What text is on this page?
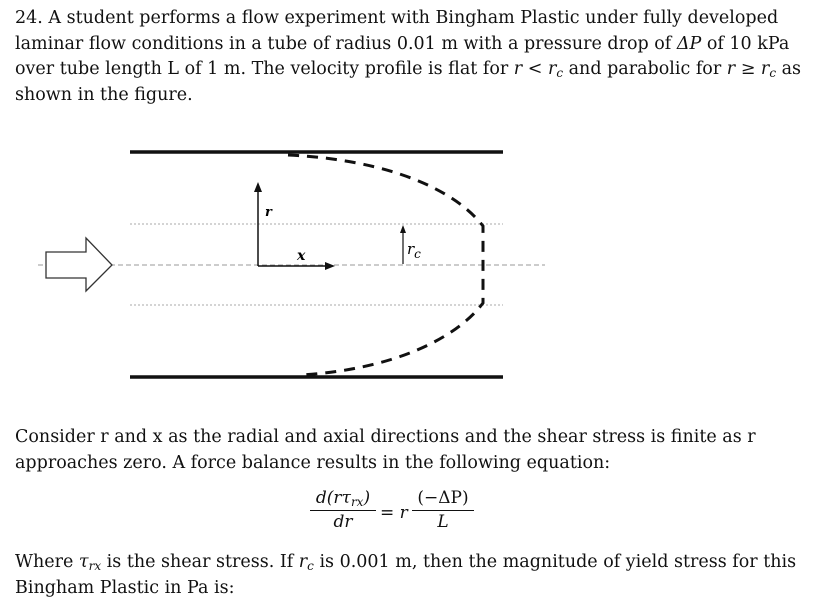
24. A student performs a flow experiment with Bingham Plastic under fully developed laminar flow conditions in a tube of radius 0.01 m with a pressure drop of ΔP of 10 kPa over tube length L of 1 m. The velocity profile is flat for $r < r_c$ and parabolic for $r \ge r_c$ as shown in the figure.

r
x	$r_c$

Consider r and x as the radial and axial directions and the shear stress is finite as r approaches zero. A force balance results in the following equation:

$d(r\tau_{rx})$
dr	= r
(−ΔP)
L

Where $\tau_{rx}$ is the shear stress. If $r_c$ is 0.001 m, then the magnitude of yield stress for this Bingham Plastic in Pa is:
